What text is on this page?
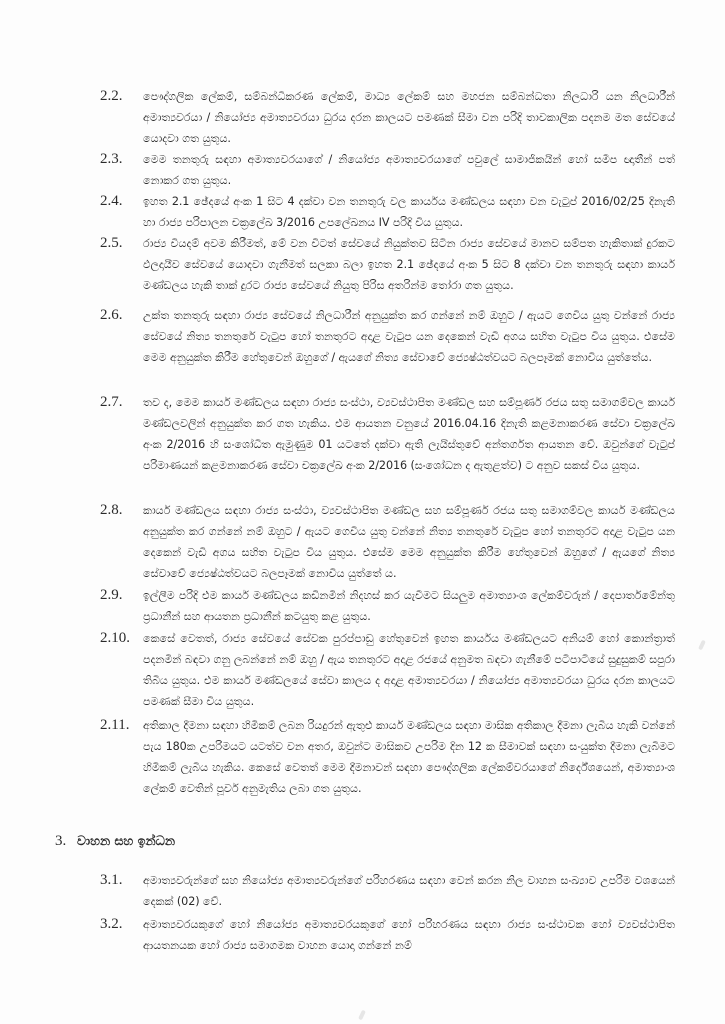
2.2.	පෞද්ගලික ලේකම්, සම්බන්ධීකරණ ලේකම්, මාධ්‍ය ලේකම් සහ මහජන සම්බන්ධතා නිලධාරි යන නිලධාරීන් අමාත්‍යවරයා / නියෝජ්‍ය අමාත්‍යවරයා ධුරය දරන කාලයට පමණක් සීමා වන පරිදි තාවකාලික පදනම මත සේවයේ යොදවා ගත යුතුය.
2.3.	මෙම තනතුරු සඳහා අමාත්‍යවරයාගේ / නියෝජ්‍ය අමාත්‍යවරයාගේ පවුලේ සාමාජිකයින් හෝ සමීප ඥාතීන් පත් නොකර ගත යුතුය.
2.4.	ඉහත 2.1 ඡේදයේ අංක 1 සිට 4 දක්වා වන තනතුරු වල කාර්යය මණ්ඩලය සඳහා වන වැටුප් 2016/02/25 දිනැති හා රාජ්‍ය පරිපාලන චක්‍රලේඛ 3/2016 උපලේඛනය IV පරිදි විය යුතුය.
2.5.	රාජ්‍ය වියදම් අවම කිරීමත්, මේ වන විටත් සේවයේ නියුක්තව සිටින රාජ්‍ය සේවයේ මානව සම්පත හැකිතාක් දුරකට ඵලදායීව සේවයේ යොදවා ගැනීමත් සලකා බලා ඉහත 2.1 ඡේදයේ අංක 5 සිට 8 දක්වා වන තනතුරු සඳහා කාර්ය මණ්ඩලය හැකි තාක් දුරට රාජ්‍ය සේවයේ නියුතු පිරිස අතරින්ම තෝරා ගත යුතුය.
2.6.	උක්ත තනතුරු සඳහා රාජ්‍ය සේවයේ නිලධාරීන් අනුයුක්ත කර ගන්නේ නම් ඔහුට / ඇයට ගෙවිය යුතු වන්නේ රාජ්‍ය සේවයේ නිත්‍ය තනතුරේ වැටුප හෝ තනතුරට අදාළ වැටුප යන දෙකෙන් වැඩි අගය සහිත වැටුප විය යුතුය. එසේම මෙම අනුයුක්ත කිරීම හේතුවෙන් ඔහුගේ / ඇයගේ නිත්‍ය සේවාවේ ජ්‍යෙෂ්ඨත්වයට බලපෑමක් නොවිය යුත්තේය.
2.7.	තව ද, මෙම කාර්ය මණ්ඩලය සඳහා රාජ්‍ය සංස්ථා, ව්‍යවස්ථාපිත මණ්ඩල සහ සම්පූර්ණ රජය සතු සමාගම්වල කාර්ය මණ්ඩලවලින් අනුයුක්ත කර ගත හැකිය. එම ආයතන වනුයේ 2016.04.16 දිනැති කළමනාකරණ සේවා චක්‍රලේඛ අංක 2/2016 හි සංශෝධිත ඇමුණුම 01 යටතේ දක්වා ඇති ලැයිස්තුවේ අන්තර්ගත ආයතන වේ. ඔවුන්ගේ වැටුප් පරිමාණයන් කළමනාකරණ සේවා චක්‍රලේඛ අංක 2/2016 (සංශෝධන ද ඇතුළත්ව) ට අනුව සකස් විය යුතුය.
2.8.	කාර්ය මණ්ඩලය සඳහා රාජ්‍ය සංස්ථා, ව්‍යවස්ථාපිත මණ්ඩල සහ සම්පූර්ණ රජය සතු සමාගම්වල කාර්ය මණ්ඩලය අනුයුක්ත කර ගන්නේ නම් ඔහුට / ඇයට ගෙවිය යුතු වන්නේ නිත්‍ය තනතුරේ වැටුප හෝ තනතුරට අදාළ වැටුප යන දෙකෙන් වැඩි අගය සහිත වැටුප විය යුතුය. එසේම මෙම අනුයුක්ත කිරීම හේතුවෙන් ඔහුගේ / ඇයගේ නිත්‍ය සේවාවේ ජ්‍යෙෂ්ඨත්වයට බලපෑමක් නොවිය යුත්තේ ය.
2.9.	ඉල්ලීම පරිදි එම කාර්ය මණ්ඩලය කඩිනමින් නිදහස් කර යැවීමට සියලුම අමාත්‍යාංශ ලේකම්වරුන් / දෙපාර්තමේන්තු ප්‍රධානීන් සහ ආයතන ප්‍රධානීන් කටයුතු කළ යුතුය.
2.10.	කෙසේ වෙතත්, රාජ්‍ය සේවයේ සේවක පුරප්පාඩු හේතුවෙන් ඉහත කාර්යය මණ්ඩලයට අනියම් හෝ කොන්ත්‍රාත් පදනමින් බඳවා ගනු ලබන්නේ නම් ඔහු / ඇය තනතුරට අදාළ රජයේ අනුමත බඳවා ගැනීමේ පටිපාටියේ සුදුසුකම් සපුරා තිබිය යුතුය. එම කාර්ය මණ්ඩලයේ සේවා කාලය ද අදාළ අමාත්‍යවරයා / නියෝජ්‍ය අමාත්‍යවරයා ධුරය දරන කාලයට පමණක් සීමා විය යුතුය.
2.11.	අතිකාල දීමනා සඳහා හිමිකම් ලබන රියදුරන් ඇතුළු කාර්ය මණ්ඩලය සඳහා මාසික අතිකාල දීමනා ලැබිය හැකි වන්නේ පැය 180ක උපරිමයට යටත්ව වන අතර, ඔවුන්ට මාසිකව උපරිම දින 12 ක සීමාවක් සඳහා සංයුක්ත දීමනා ලැබීමට හිමිකම් ලැබිය හැකිය. කෙසේ වෙතත් මෙම දීමනාවන් සඳහා පෞද්ගලික ලේකම්වරයාගේ නිර්දේශයෙන්, අමාත්‍යාංශ ලේකම් වෙතින් පූර්ව අනුමැතිය ලබා ගත යුතුය.
3. වාහන සහ ඉන්ධන
3.1.	අමාත්‍යවරුන්ගේ සහ නියෝජ්‍ය අමාත්‍යවරුන්ගේ පරිහරණය සඳහා වෙන් කරන නිල වාහන සංඛ්‍යාව උපරිම වශයෙන් දෙකක් (02) වේ.
3.2.	අමාත්‍යවරයකුගේ හෝ නියෝජ්‍ය අමාත්‍යවරයකුගේ හෝ පරිහරණය සඳහා රාජ්‍ය සංස්ථාවක හෝ ව්‍යවස්ථාපිත ආයතනයක හෝ රාජ්‍ය සමාගමක වාහන යොදා ගන්නේ නම්
